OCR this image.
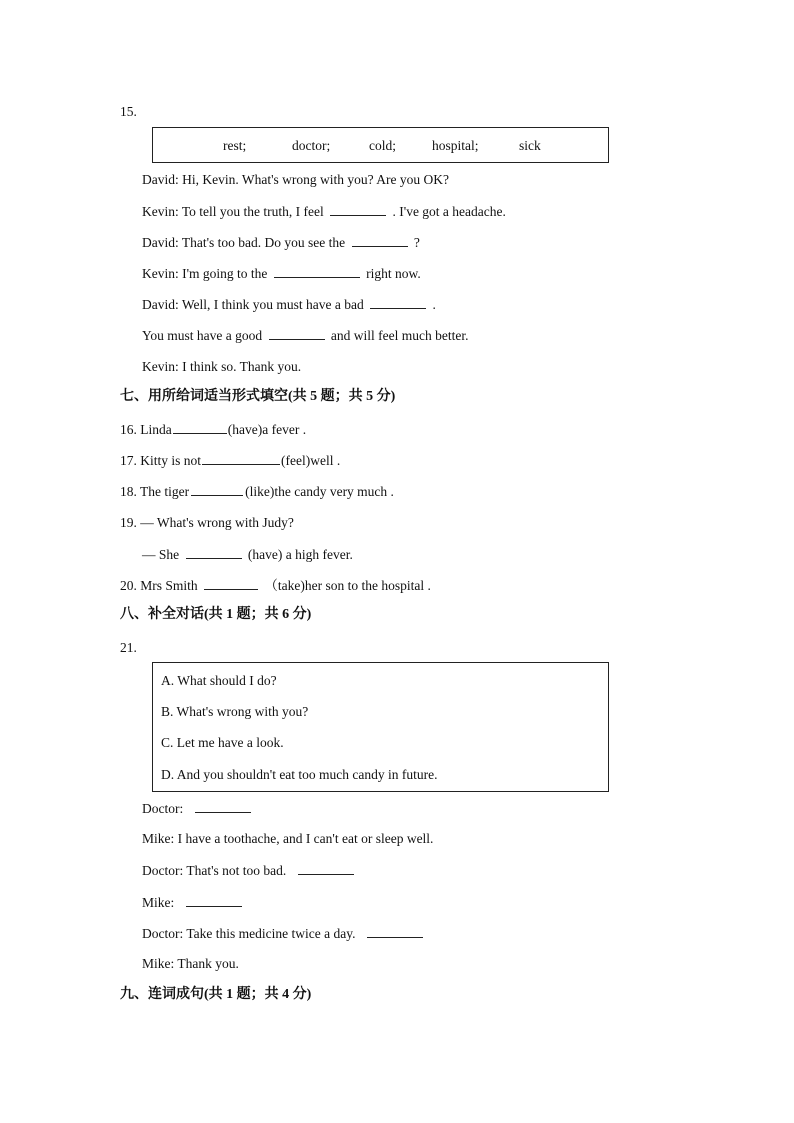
15.
rest;	doctor;	cold;	hospital;	sick
David: Hi, Kevin. What's wrong with you? Are you OK?
Kevin: To tell you the truth, I feel	. I've got a headache.
David: That's too bad. Do you see the	?
Kevin: I'm going to the	right now.
David: Well, I think you must have a bad	.
You must have a good	and will feel much better.
Kevin: I think so. Thank you.
七、用所给词适当形式填空(共 5 题；共 5 分)
16. Linda	(have)a fever .
17. Kitty is not	(feel)well .
18. The tiger	(like)the candy very much .
19. — What's wrong with Judy?
— She	(have) a high fever.
20. Mrs Smith	（take)her son to the hospital .
八、补全对话(共 1 题；共 6 分)
21.
A. What should I do?
B. What's wrong with you?
C. Let me have a look.
D. And you shouldn't eat too much candy in future.
Doctor:
Mike: I have a toothache, and I can't eat or sleep well.
Doctor: That's not too bad.
Mike:
Doctor: Take this medicine twice a day.
Mike: Thank you.
九、连词成句(共 1 题；共 4 分)
